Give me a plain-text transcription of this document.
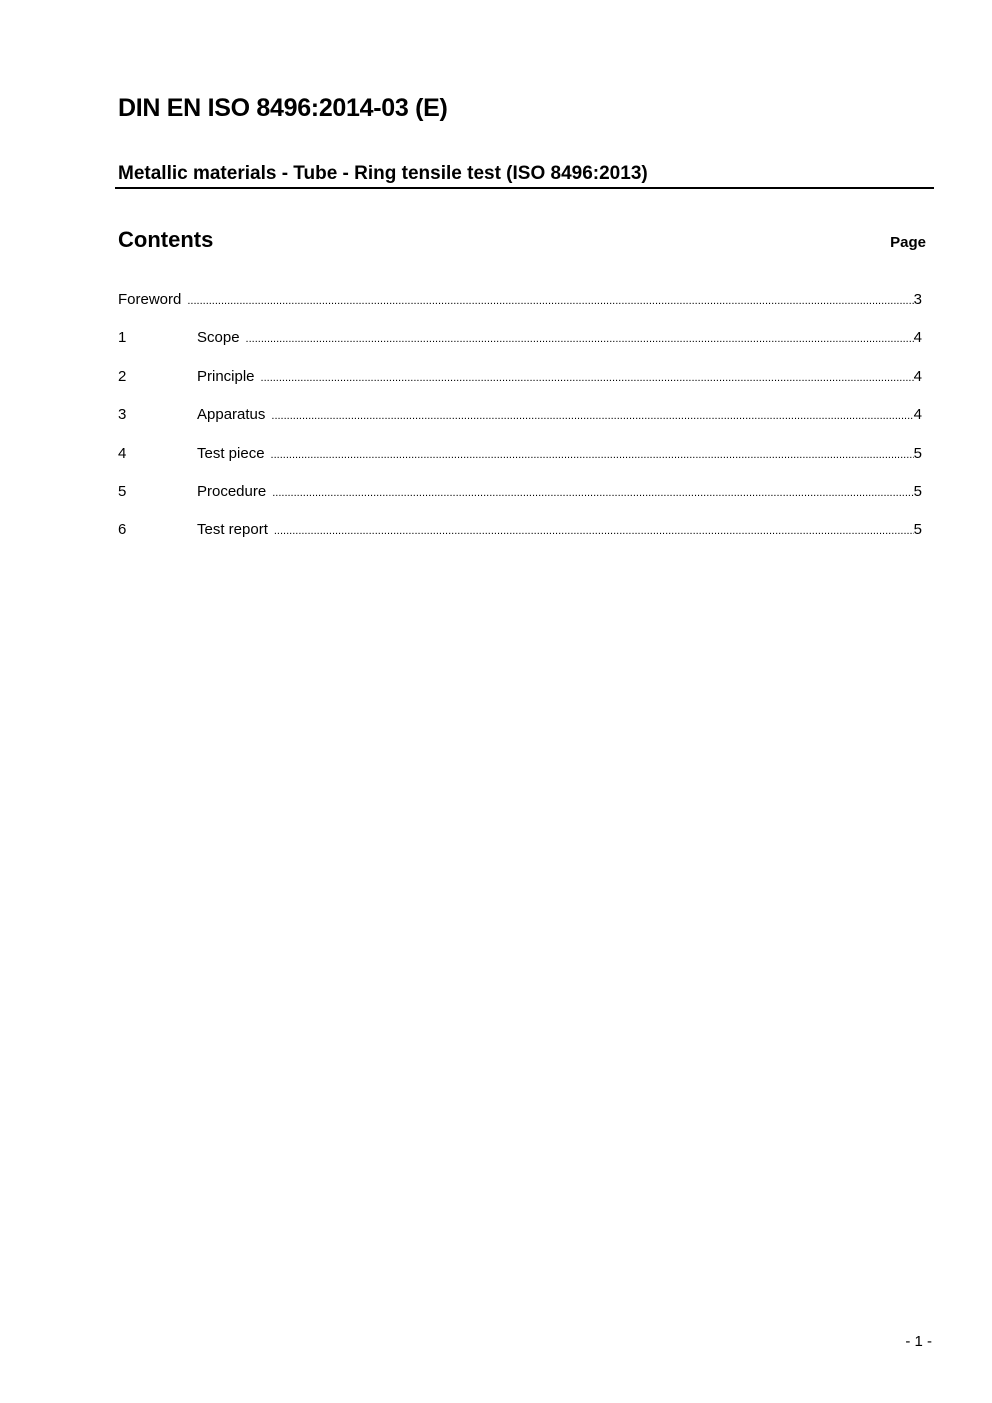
DIN EN ISO 8496:2014-03 (E)
Metallic materials - Tube - Ring tensile test (ISO 8496:2013)
Contents	Page
Foreword .....	3
1	Scope .....	4
2	Principle .....	4
3	Apparatus .....	4
4	Test piece .....	5
5	Procedure .....	5
6	Test report .....	5
- 1 -
